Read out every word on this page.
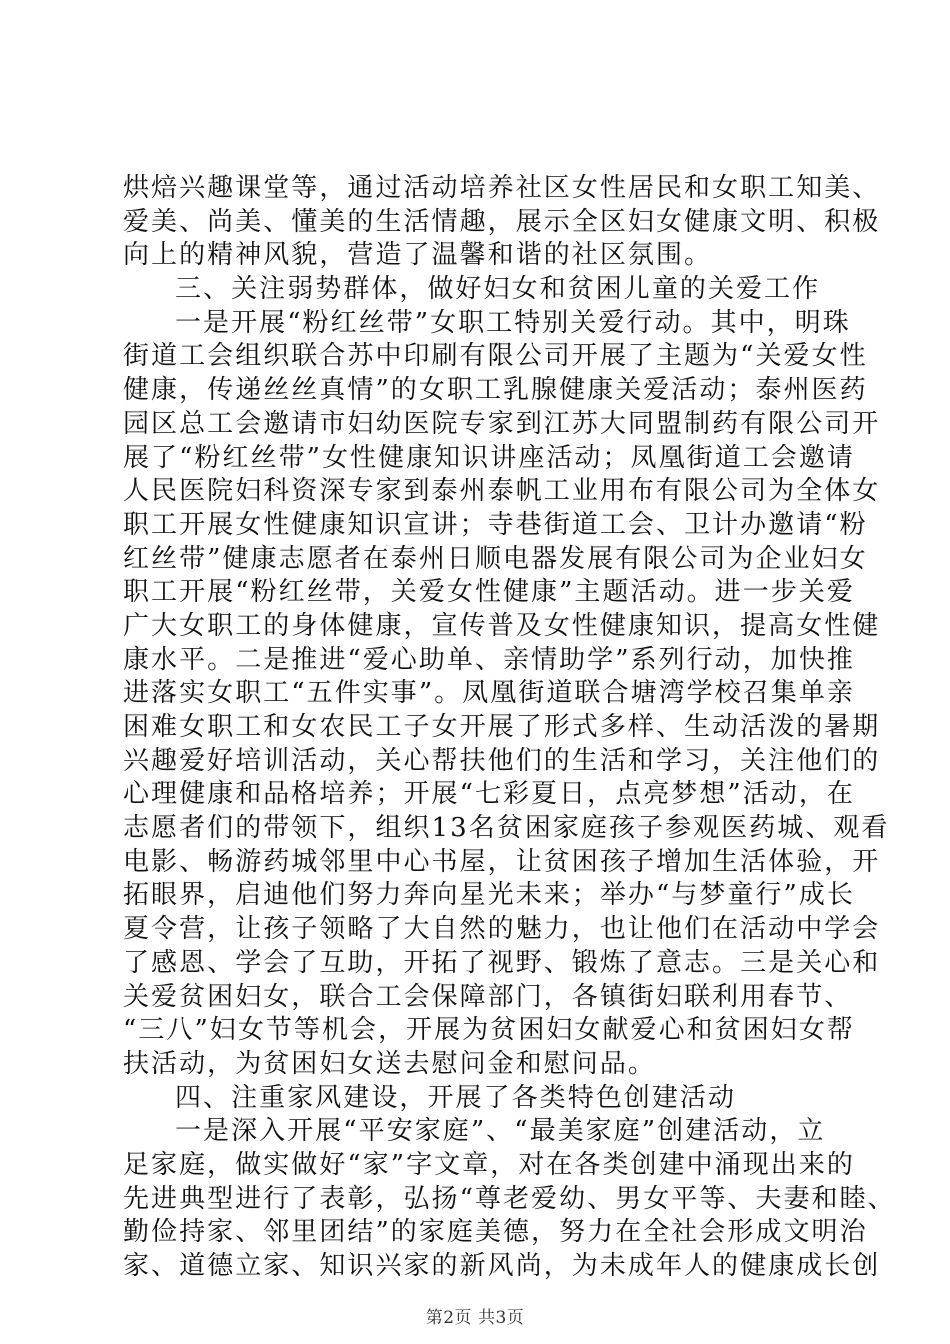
烘焙兴趣课堂等，通过活动培养社区女性居民和女职工知美、
爱美、尚美、懂美的生活情趣，展示全区妇女健康文明、积极
向上的精神风貌，营造了温馨和谐的社区氛围。
三、关注弱势群体，做好妇女和贫困儿童的关爱工作
一是开展“粉红丝带”女职工特别关爱行动。其中，明珠
街道工会组织联合苏中印刷有限公司开展了主题为“关爱女性
健康，传递丝丝真情”的女职工乳腺健康关爱活动；泰州医药
园区总工会邀请市妇幼医院专家到江苏大同盟制药有限公司开
展了“粉红丝带”女性健康知识讲座活动；凤凰街道工会邀请
人民医院妇科资深专家到泰州泰帆工业用布有限公司为全体女
职工开展女性健康知识宣讲；寺巷街道工会、卫计办邀请“粉
红丝带”健康志愿者在泰州日顺电器发展有限公司为企业妇女
职工开展“粉红丝带，关爱女性健康”主题活动。进一步关爱
广大女职工的身体健康，宣传普及女性健康知识，提高女性健
康水平。二是推进“爱心助单、亲情助学”系列行动，加快推
进落实女职工“五件实事”。凤凰街道联合塘湾学校召集单亲
困难女职工和女农民工子女开展了形式多样、生动活泼的暑期
兴趣爱好培训活动，关心帮扶他们的生活和学习，关注他们的
心理健康和品格培养；开展“七彩夏日，点亮梦想”活动，在
志愿者们的带领下，组织13名贫困家庭孩子参观医药城、观看
电影、畅游药城邻里中心书屋，让贫困孩子增加生活体验，开
拓眼界，启迪他们努力奔向星光未来；举办“与梦童行”成长
夏令营，让孩子领略了大自然的魅力，也让他们在活动中学会
了感恩、学会了互助，开拓了视野、锻炼了意志。三是关心和
关爱贫困妇女，联合工会保障部门，各镇街妇联利用春节、
“三八”妇女节等机会，开展为贫困妇女献爱心和贫困妇女帮
扶活动，为贫困妇女送去慰问金和慰问品。
四、注重家风建设，开展了各类特色创建活动
一是深入开展“平安家庭”、“最美家庭”创建活动，立
足家庭，做实做好“家”字文章，对在各类创建中涌现出来的
先进典型进行了表彰，弘扬“尊老爱幼、男女平等、夫妻和睦、
勤俭持家、邻里团结”的家庭美德，努力在全社会形成文明治
家、道德立家、知识兴家的新风尚，为未成年人的健康成长创
第2页 共3页
